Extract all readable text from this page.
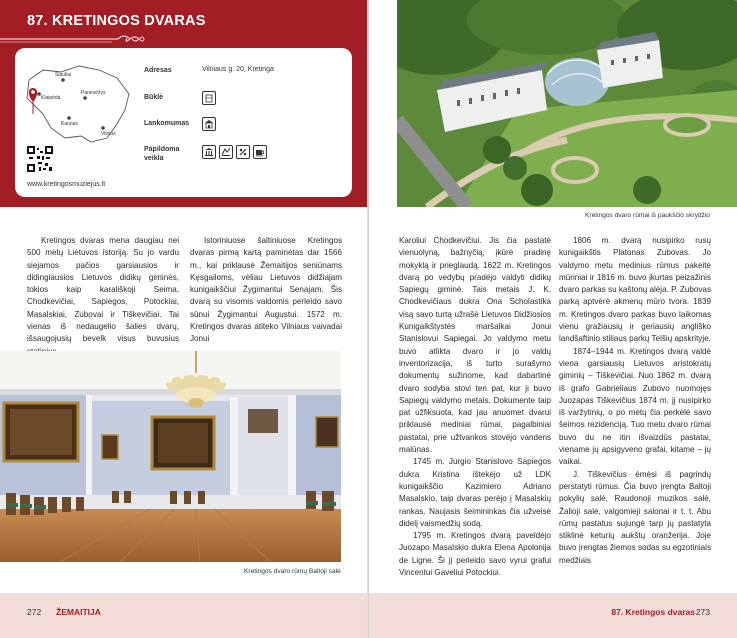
87. KRETINGOS DVARAS
Šiauliai
Klaipėda
Panevėžys
Kaunas
Vilnius
www.kretingosmuziejus.lt
Adresas	Vilniaus g. 20, Kretinga
Būklė
Lankomumas
Papildoma veikla

Kretingos dvaras mena daugiau nei 500 metų Lietuvos istoriją. Su jo vardu siejamos pačios garsiausios ir didingiausios Lietuvos didikų giminės, tokios kaip karališkoji Seima, Chodkevičiai, Sapiegos, Potockiai, Masalskiai, Zubovai ir Tiškevičiai. Tai vienas iš nedaugelio šalies dvarų, išsaugojusių bevelk visus buvusius

Istoriniuose šaltiniuose Kretingos dvaras pirmą kartą paminėtas dar 1566 m., kai priklausė Žemaitijos seniūnams Kęsgailoms, vėliau Lietuvos didžiajam kunigaikščiui Žygimantui Senajam. Šis dvarą su visomis valdomis perleido savo sūnui Žygimantui Augustui. 1572 m. Kretingos dvaras atiteko Vilniaus vaivadai Jonui

Kretingos dvaro rūmų Baltoji salė
272 ŽEMAITIJA
Kretingos dvaro rūmai iš paukščio skrydžio

Karoliui Chodkevičiui. Jis čia pastatė vienuolyną, bažnyčią, įkūrė pradinę mokyklą ir prieglaudą. 1622 m. Kretingos dvarą po vedybų pradėjo valdyti didikų Sapiegų giminė. Tais metais J. K. Chodkevičiaus dukra Ona Scholastika visą savo turtą užrašė Lietuvos Didžiosios Kunigaikštystės maršalkai Jonui Stanislovui Sapiegai. Jo valdymo metu buvo atlikta dvaro ir jo valdų inventorizacija, iš turto surašymo dokumentų sužinome, kad dabartinė dvaro sodyba stovi ten pat, kur ji buvo Sapiegų valdymo metais. Dokumente taip pat užfiksuota, kad jau anuomet dvarui priklausė mediniai rūmai, pagalbiniai pastatai, prie užtvankos stovėjo vandens malūnas.

1745 m. Jurgio Stanislovo Sapiegos dukra Kristina ištekėjo už LDK kunigaikščio Kazimiero Adriano Masalskio, taip dvaras perėjo į Masalskių rankas. Naujasis šeimininkas čia užveisė didelį vaismedžių sodą.

1795 m. Kretingos dvarą paveldėjo Juozapo Masalskio dukra Elena Apolonija de Ligne. Ši jį perleido savo vyrui grafui Vincentui Gaveliui Potockiui.

1806 m. dvarą nusipirko rusų kunigaikštis Platonas Zubovas. Jo valdymo metu medinius rūmus pakeitė mūriniai ir 1816 m. buvo įkurtas peizažinis dvaro parkas su kaštonų alėja. P. Zubovas parką aptvėrė akmenų mūro tvora. 1839 m. Kretingos dvaro parkas buvo laikomas vienu gražiausių ir geriausių angliško landšaftinio stiliaus parkų Telšių apskrityje.

1874–1944 m. Kretingos dvarą valdė viena garsiausių Lietuvos aristokratų giminių – Tiškevičiai. Nuo 1862 m. dvarą iš grafo Gabrieliaus Zubovo nuomojęs Juozapas Tiškevičius 1874 m. jį nusipirko iš varžytinių, o po metų čia perkėlė savo šeimos rezidenciją. Tuo metu dvaro rūmai buvo du ne itin išvaizdūs pastatai, vienamе jų apsigyveno grafai, kitame – jų vaikai.

J. Tiškevičius ėmėsi iš pagrindų perstatyti rūmus. Čia buvo įrengta Baltoji pokylių salė, Raudonoji muzikos salė, Žalioji salė, valgomieji salonai ir t. t. Abu rūmų pastatus sujungė tarp jų pastatyta stiklinė keturių aukštų oranžerija. Joje buvo įrengtas žiemos sodas su egzotiniais medžiais

87. Kretingos dvaras 273
